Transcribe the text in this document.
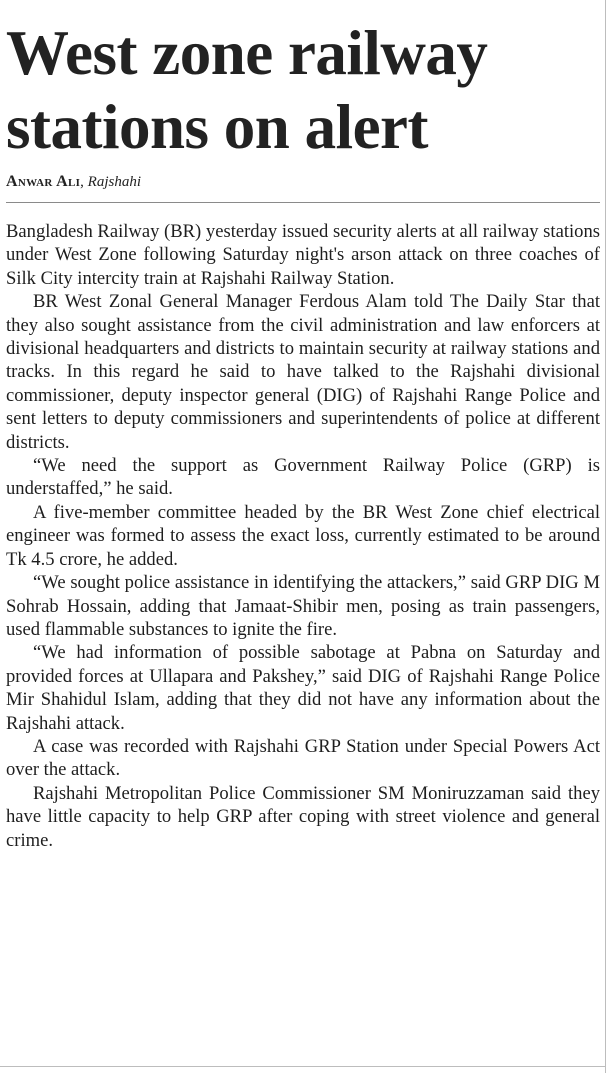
West zone railway stations on alert
Anwar Ali, Rajshahi

Bangladesh Railway (BR) yesterday issued security alerts at all railway stations under West Zone following Saturday night's arson attack on three coaches of Silk City intercity train at Rajshahi Railway Station.

BR West Zonal General Manager Ferdous Alam told The Daily Star that they also sought assistance from the civil administration and law enforcers at divisional headquarters and districts to maintain security at railway stations and tracks. In this regard he said to have talked to the Rajshahi divisional commissioner, deputy inspector general (DIG) of Rajshahi Range Police and sent letters to deputy commissioners and superintendents of police at different districts.

“We need the support as Government Railway Police (GRP) is understaffed,” he said.

A five-member committee headed by the BR West Zone chief electrical engineer was formed to assess the exact loss, currently estimated to be around Tk 4.5 crore, he added.

“We sought police assistance in identifying the attackers,” said GRP DIG M Sohrab Hossain, adding that Jamaat-Shibir men, posing as train passengers, used flammable substances to ignite the fire.

“We had information of possible sabotage at Pabna on Saturday and provided forces at Ullapara and Pakshey,” said DIG of Rajshahi Range Police Mir Shahidul Islam, adding that they did not have any information about the Rajshahi attack.

A case was recorded with Rajshahi GRP Station under Special Powers Act over the attack.

Rajshahi Metropolitan Police Commissioner SM Moniruzzaman said they have little capacity to help GRP after coping with street violence and general crime.
